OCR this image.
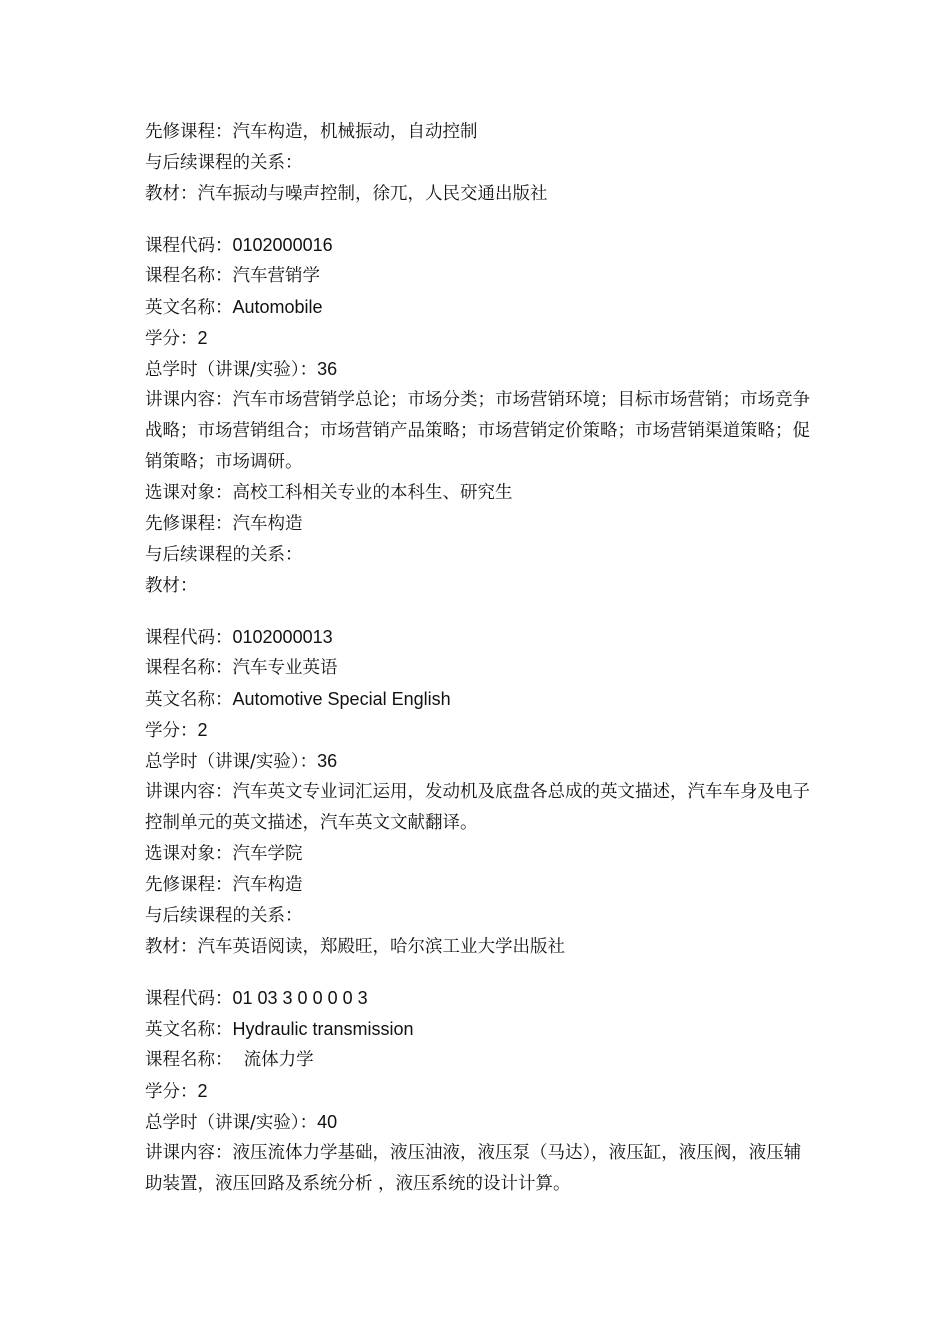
先修课程：汽车构造，机械振动，自动控制
与后续课程的关系：
教材：汽车振动与噪声控制，徐兀，人民交通出版社
课程代码：0102000016
课程名称：汽车营销学
英文名称：Automobile
学分：2
总学时（讲课/实验）：36
讲课内容：汽车市场营销学总论；市场分类；市场营销环境；目标市场营销；市场竞争战略；市场营销组合；市场营销产品策略；市场营销定价策略；市场营销渠道策略；促销策略；市场调研。
选课对象：高校工科相关专业的本科生、研究生
先修课程：汽车构造
与后续课程的关系：
教材：
课程代码：0102000013
课程名称：汽车专业英语
英文名称：Automotive Special English
学分：2
总学时（讲课/实验）：36
讲课内容：汽车英文专业词汇运用，发动机及底盘各总成的英文描述，汽车车身及电子控制单元的英文描述，汽车英文文献翻译。
选课对象：汽车学院
先修课程：汽车构造
与后续课程的关系：
教材：汽车英语阅读，郑殿旺，哈尔滨工业大学出版社
课程代码：01 03 3 0 0 0 0 3
英文名称：Hydraulic transmission
课程名称：  流体力学
学分：2
总学时（讲课/实验）：40
讲课内容：液压流体力学基础，液压油液，液压泵（马达），液压缸，液压阀，液压辅助装置，液压回路及系统分析 ，液压系统的设计计算。
